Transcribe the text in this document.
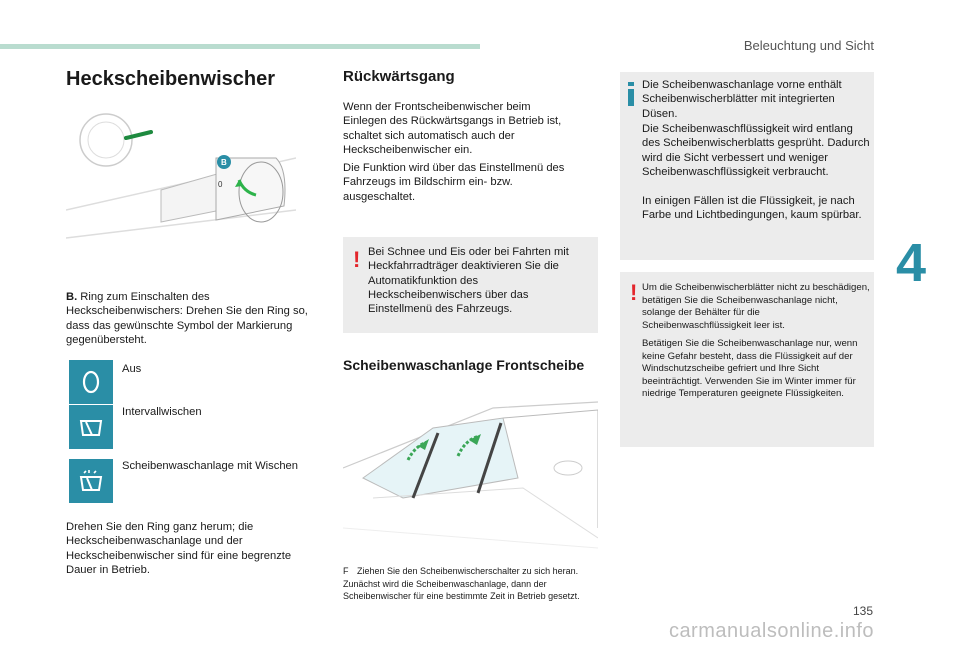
Beleuchtung und Sicht
Heckscheibenwischer
0
B
B. Ring zum Einschalten des Heckscheibenwischers: Drehen Sie den Ring so, dass das gewünschte Symbol der Markierung gegenübersteht.
Aus
Intervallwischen
Scheibenwaschanlage mit Wischen
Drehen Sie den Ring ganz herum; die Heckscheibenwaschanlage und der Heckscheibenwischer sind für eine begrenzte Dauer in Betrieb.
Rückwärtsgang
Wenn der Frontscheibenwischer beim Einlegen des Rückwärtsgangs in Betrieb ist, schaltet sich automatisch auch der Heckscheibenwischer ein.
Die Funktion wird über das Einstellmenü des Fahrzeugs im Bildschirm ein- bzw. ausgeschaltet.
! Bei Schnee und Eis oder bei Fahrten mit Heckfahrradträger deaktivieren Sie die Automatikfunktion des Heckscheibenwischers über das Einstellmenü des Fahrzeugs.
Scheibenwaschanlage Frontscheibe
F Ziehen Sie den Scheibenwischerschalter zu sich heran. Zunächst wird die Scheibenwaschanlage, dann der Scheibenwischer für eine bestimmte Zeit in Betrieb gesetzt.
Die Scheibenwaschanlage vorne enthält Scheibenwischerblätter mit integrierten Düsen.
Die Scheibenwaschflüssigkeit wird entlang des Scheibenwischerblatts gesprüht. Dadurch wird die Sicht verbessert und weniger Scheibenwaschflüssigkeit verbraucht.
In einigen Fällen ist die Flüssigkeit, je nach Farbe und Lichtbedingungen, kaum spürbar.
! Um die Scheibenwischerblätter nicht zu beschädigen, betätigen Sie die Scheibenwaschanlage nicht, solange der Behälter für die Scheibenwaschflüssigkeit leer ist.
Betätigen Sie die Scheibenwaschanlage nur, wenn keine Gefahr besteht, dass die Flüssigkeit auf der Windschutzscheibe gefriert und Ihre Sicht beeinträchtigt. Verwenden Sie im Winter immer für niedrige Temperaturen geeignete Flüssigkeiten.
4
135
carmanualsonline.info
